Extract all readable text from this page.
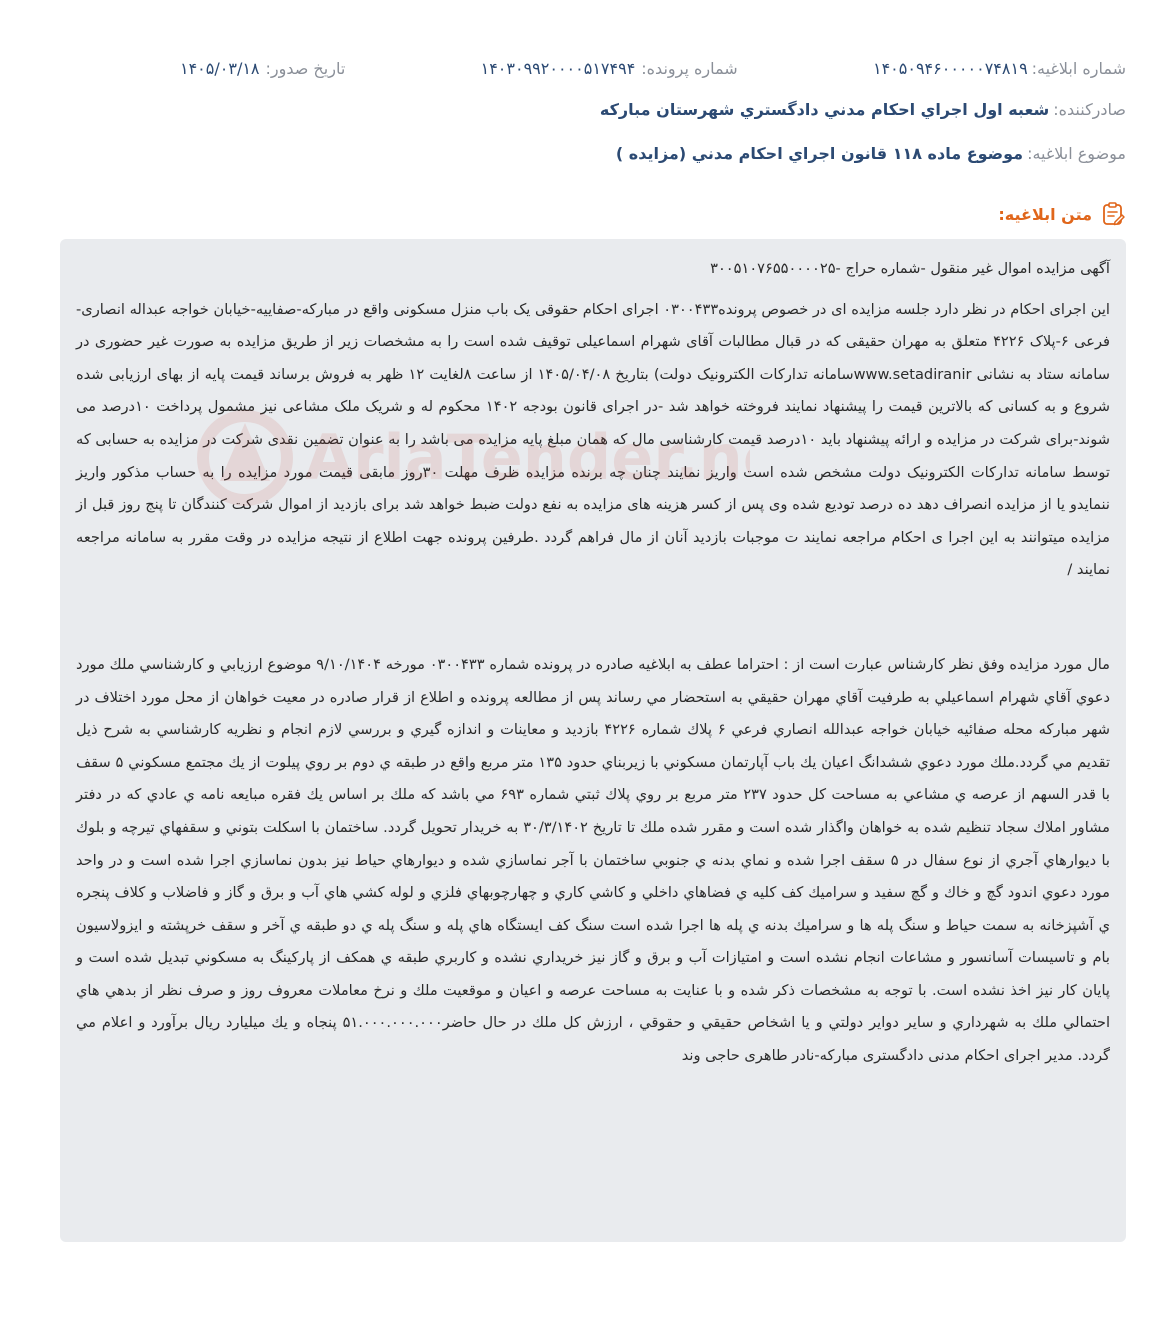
شماره ابلاغیه:
۱۴۰۵۰۹۴۶۰۰۰۰۰۷۴۸۱۹
شماره پرونده:
۱۴۰۳۰۹۹۲۰۰۰۰۵۱۷۴۹۴
تاریخ صدور:
۱۴۰۵/۰۳/۱۸
صادرکننده:
شعبه اول اجراي احكام مدني دادگستري شهرستان مباركه
موضوع ابلاغیه:
موضوع ماده ۱۱۸ قانون اجراي احكام مدني (مزايده )
متن ابلاغیه:

آگهی مزایده اموال غیر منقول -شماره حراج -۳۰۰۵۱۰۷۶۵۵۰۰۰۰۲۵

این اجرای احکام در نظر دارد جلسه مزایده ای در خصوص پرونده۰۳۰۰۴۳۳ اجرای احکام حقوقی یک باب منزل مسکونی واقع در مبارکه-صفاییه-خیابان خواجه عبداله انصاری-فرعی ۶-پلاک ۴۲۲۶ متعلق به مهران حقیقی که در قبال مطالبات آقای شهرام اسماعیلی توقیف شده است را به مشخصات زیر از طریق مزایده به صورت غیر حضوری در سامانه ستاد به نشانی www.setadiranirسامانه تدارکات الکترونیک دولت) بتاریخ ۱۴۰۵/۰۴/۰۸ از ساعت ۸لغایت ۱۲ ظهر به فروش برساند قیمت پایه از بهای ارزیابی شده شروع و به کسانی که بالاترین قیمت را پیشنهاد نمایند فروخته خواهد شد -در اجرای قانون بودجه ۱۴۰۲ محکوم له و شریک ملک مشاعی نیز مشمول پرداخت ۱۰درصد می شوند-برای شرکت در مزایده و ارائه پیشنهاد باید ۱۰درصد قیمت کارشناسی مال که همان مبلغ پایه مزایده می باشد را به عنوان تضمین نقدی شرکت در مزایده به حسابی که توسط سامانه تدارکات الکترونیک دولت مشخص شده است واریز نمایند چنان چه برنده مزایده ظرف مهلت ۳۰روز مابقی قیمت مورد مزایده را به حساب مذکور واریز ننمایدو یا از مزایده انصراف دهد ده درصد تودیع شده وی پس از کسر هزینه های مزایده به نفع دولت ضبط خواهد شد برای بازدید از اموال شرکت کنندگان تا پنج روز قبل از مزایده میتوانند به این اجرا ی احکام مراجعه نمایند ت موجبات بازدید آنان از مال فراهم گردد .طرفین پرونده جهت اطلاع از نتیجه مزایده در وقت مقرر به سامانه مراجعه نمایند /

مال مورد مزايده وفق نظر کارشناس عبارت است از : احتراما عطف به ابلاغيه صادره در پرونده شماره ۰۳۰۰۴۳۳ مورخه ۹/۱۰/۱۴۰۴ موضوع ارزيابي و كارشناسي ملك مورد دعوي آقاي شهرام اسماعيلي به طرفيت آقاي مهران حقيقي به استحضار مي رساند پس از مطالعه پرونده و اطلاع از قرار صادره در معيت خواهان از محل مورد اختلاف در شهر مباركه محله صفائيه خيابان خواجه عبدالله انصاري فرعي ۶ پلاك شماره ۴۲۲۶ بازديد و معاينات و اندازه گيري و بررسي لازم انجام و نظريه كارشناسي به شرح ذيل تقديم مي گردد.ملك مورد دعوي ششدانگ اعيان يك باب آپارتمان مسكوني با زيربناي حدود ۱۳۵ متر مربع واقع در طبقه ي دوم بر روي پيلوت از يك مجتمع مسكوني ۵ سقف با قدر السهم از عرصه ي مشاعي به مساحت كل حدود ۲۳۷ متر مربع بر روي پلاك ثبتي شماره ۶۹۳ مي باشد كه ملك بر اساس يك فقره مبايعه نامه ي عادي كه در دفتر مشاور املاك سجاد تنظيم شده به خواهان واگذار شده است و مقرر شده ملك تا تاريخ ۳۰/۳/۱۴۰۲ به خريدار تحويل گردد. ساختمان با اسكلت بتوني و سقفهاي تيرچه و بلوك با ديوارهاي آجري از نوع سفال در ۵ سقف اجرا شده و نماي بدنه ي جنوبي ساختمان با آجر نماسازي شده و ديوارهاي حياط نيز بدون نماسازي اجرا شده است و در واحد مورد دعوي اندود گچ و خاك و گچ سفيد و سراميك كف كليه ي فضاهاي داخلي و كاشي كاري و چهارچوبهاي فلزي و لوله كشي هاي آب و برق و گاز و فاضلاب و كلاف پنجره ي آشپزخانه به سمت حياط و سنگ پله ها و سراميك بدنه ي پله ها اجرا شده است سنگ كف ايستگاه هاي پله و سنگ پله ي دو طبقه ي آخر و سقف خرپشته و ايزولاسيون بام و تاسيسات آسانسور و مشاعات انجام نشده است و امتيازات آب و برق و گاز نيز خريداري نشده و كاربري طبقه ي همكف از پاركينگ به مسكوني تبديل شده است و پايان كار نيز اخذ نشده است. با توجه به مشخصات ذكر شده و با عنايت به مساحت عرصه و اعيان و موقعيت ملك و نرخ معاملات معروف روز و صرف نظر از بدهي هاي احتمالي ملك به شهرداري و ساير دواير دولتي و يا اشخاص حقيقي و حقوقي ، ارزش كل ملك در حال حاضر۵۱.۰۰۰.۰۰۰.۰۰۰ پنجاه و يك ميليارد ريال برآورد و اعلام مي گردد. مدیر اجرای احکام مدنی دادگستری مبارکه-نادر طاهری حاجی وند
